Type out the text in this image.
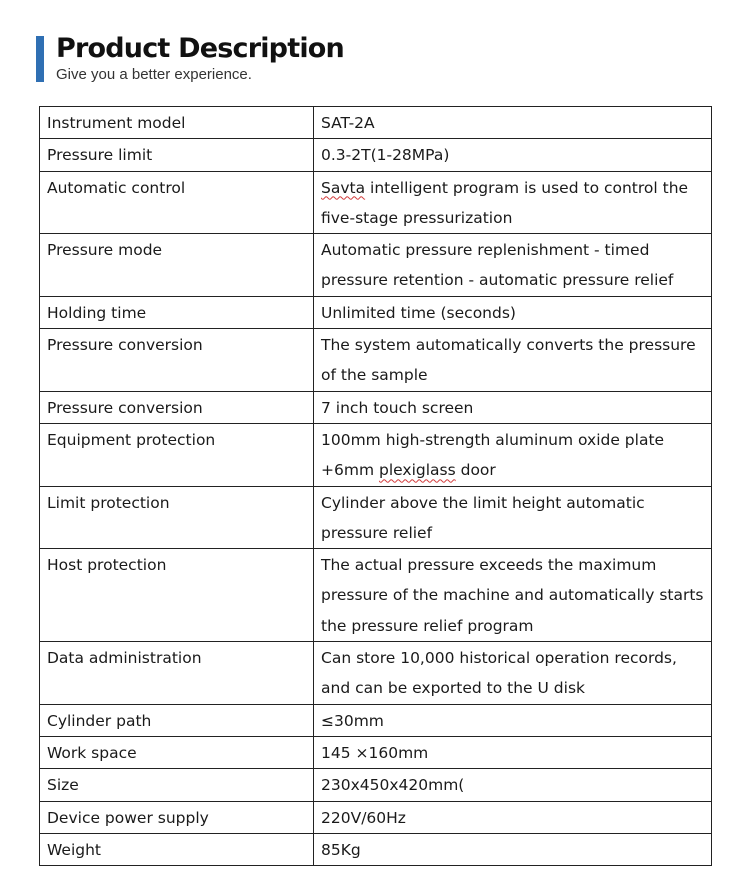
Product Description
Give you a better experience.
Instrument model	SAT-2A
Pressure limit	0.3-2T(1-28MPa)
Automatic control	Savta intelligent program is used to control the five-stage pressurization
Pressure mode	Automatic pressure replenishment - timed pressure retention - automatic pressure relief
Holding time	Unlimited time (seconds)
Pressure conversion	The system automatically converts the pressure of the sample
Pressure conversion	7 inch touch screen
Equipment protection	100mm high-strength aluminum oxide plate +6mm plexiglass door
Limit protection	Cylinder above the limit height automatic pressure relief
Host protection	The actual pressure exceeds the maximum pressure of the machine and automatically starts the pressure relief program
Data administration	Can store 10,000 historical operation records, and can be exported to the U disk
Cylinder path	≤30mm
Work space	145 ×160mm
Size	230x450x420mm(
Device power supply	220V/60Hz
Weight	85Kg
